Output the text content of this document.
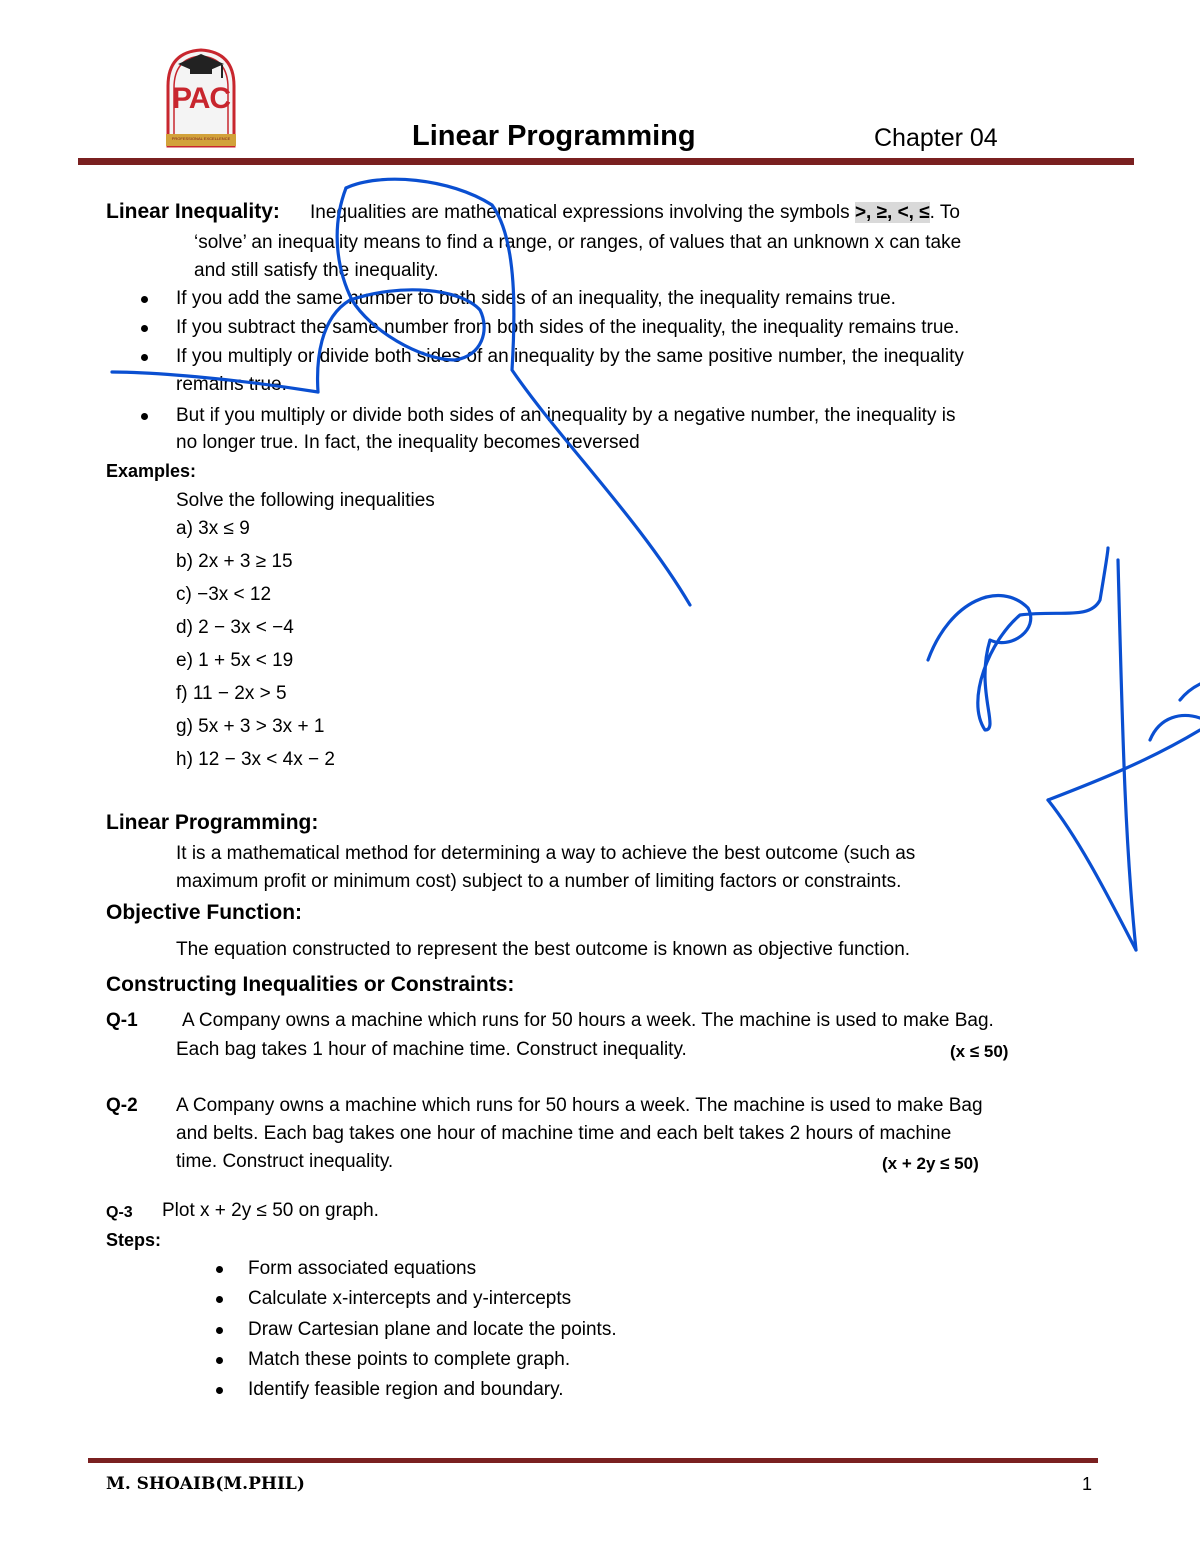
PAC
PROFESSIONAL EXCELLENCE	Linear Programming	Chapter 04
Linear Inequality: Inequalities are mathematical expressions involving the symbols >, ≥, <, ≤. To
‘solve’ an inequality means to find a range, or ranges, of values that an unknown x can take
and still satisfy the inequality.
If you add the same number to both sides of an inequality, the inequality remains true.
If you subtract the same number from both sides of the inequality, the inequality remains true.
If you multiply or divide both sides of an inequality by the same positive number, the inequality
remains true.
But if you multiply or divide both sides of an inequality by a negative number, the inequality is
no longer true. In fact, the inequality becomes reversed
Examples:
Solve the following inequalities
a) 3x ≤ 9
b) 2x + 3 ≥ 15
c) −3x < 12
d) 2 − 3x < −4
e) 1 + 5x < 19
f) 11 − 2x > 5
g) 5x + 3 > 3x + 1
h) 12 − 3x < 4x − 2
Linear Programming:
It is a mathematical method for determining a way to achieve the best outcome (such as
maximum profit or minimum cost) subject to a number of limiting factors or constraints.
Objective Function:
The equation constructed to represent the best outcome is known as objective function.
Constructing Inequalities or Constraints:
Q-1 A Company owns a machine which runs for 50 hours a week. The machine is used to make Bag.
Each bag takes 1 hour of machine time. Construct inequality.	(x ≤ 50)
Q-2 A Company owns a machine which runs for 50 hours a week. The machine is used to make Bag
and belts. Each bag takes one hour of machine time and each belt takes 2 hours of machine
time. Construct inequality.	(x + 2y ≤ 50)
Q-3 Plot x + 2y ≤ 50 on graph.
Steps:
Form associated equations
Calculate x-intercepts and y-intercepts
Draw Cartesian plane and locate the points.
Match these points to complete graph.
Identify feasible region and boundary.
M. SHOAIB(M.PHIL)	1
